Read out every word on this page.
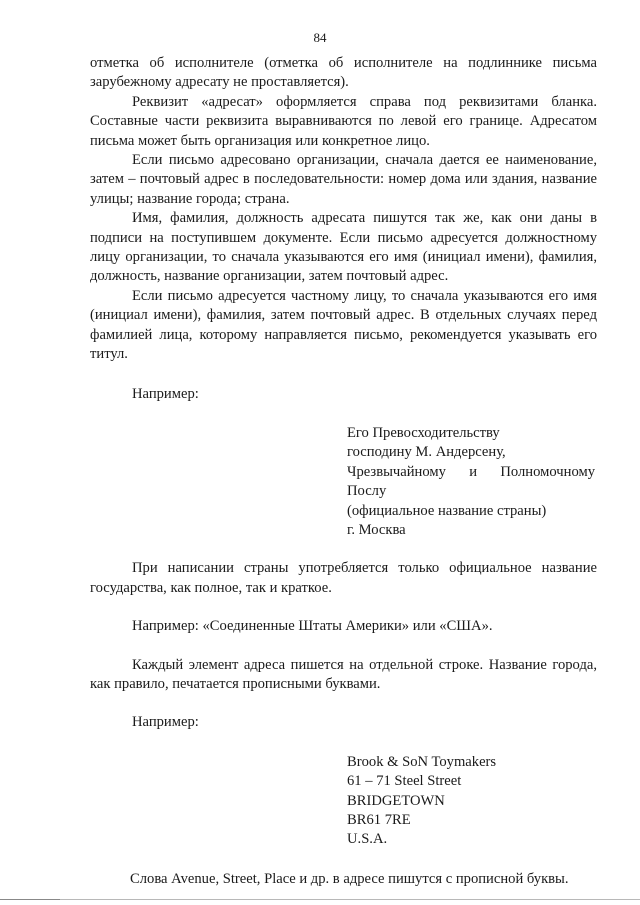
84

отметка об исполнителе (отметка об исполнителе на подлиннике письма зарубежному адресату не проставляется).

Реквизит «адресат» оформляется справа под реквизитами бланка. Составные части реквизита выравниваются по левой его границе. Адресатом письма может быть организация или конкретное лицо.

Если письмо адресовано организации, сначала дается ее наименование, затем – почтовый адрес в последовательности: номер дома или здания, название улицы; название города; страна.

Имя, фамилия, должность адресата пишутся так же, как они даны в подписи на поступившем документе. Если письмо адресуется должностному лицу организации, то сначала указываются его имя (инициал имени), фамилия, должность, название организации, затем почтовый адрес.

Если письмо адресуется частному лицу, то сначала указываются его имя (инициал имени), фамилия, затем почтовый адрес. В отдельных случаях перед фамилией лица, которому направляется письмо, рекомендуется указывать его титул.

Например:

Его Превосходительству
господину М. Андерсену,
Чрезвычайному и Полномочному
Послу
(официальное название страны)
г. Москва

При написании страны употребляется только официальное название государства, как полное, так и краткое.

Например: «Соединенные Штаты Америки» или «США».

Каждый элемент адреса пишется на отдельной строке. Название города, как правило, печатается прописными буквами.

Например:

Brook & SoN Toymakers
61 – 71 Steel Street
BRIDGETOWN
BR61 7RE
U.S.A.

Слова Avenue, Street, Place и др. в адресе пишутся с прописной буквы.
